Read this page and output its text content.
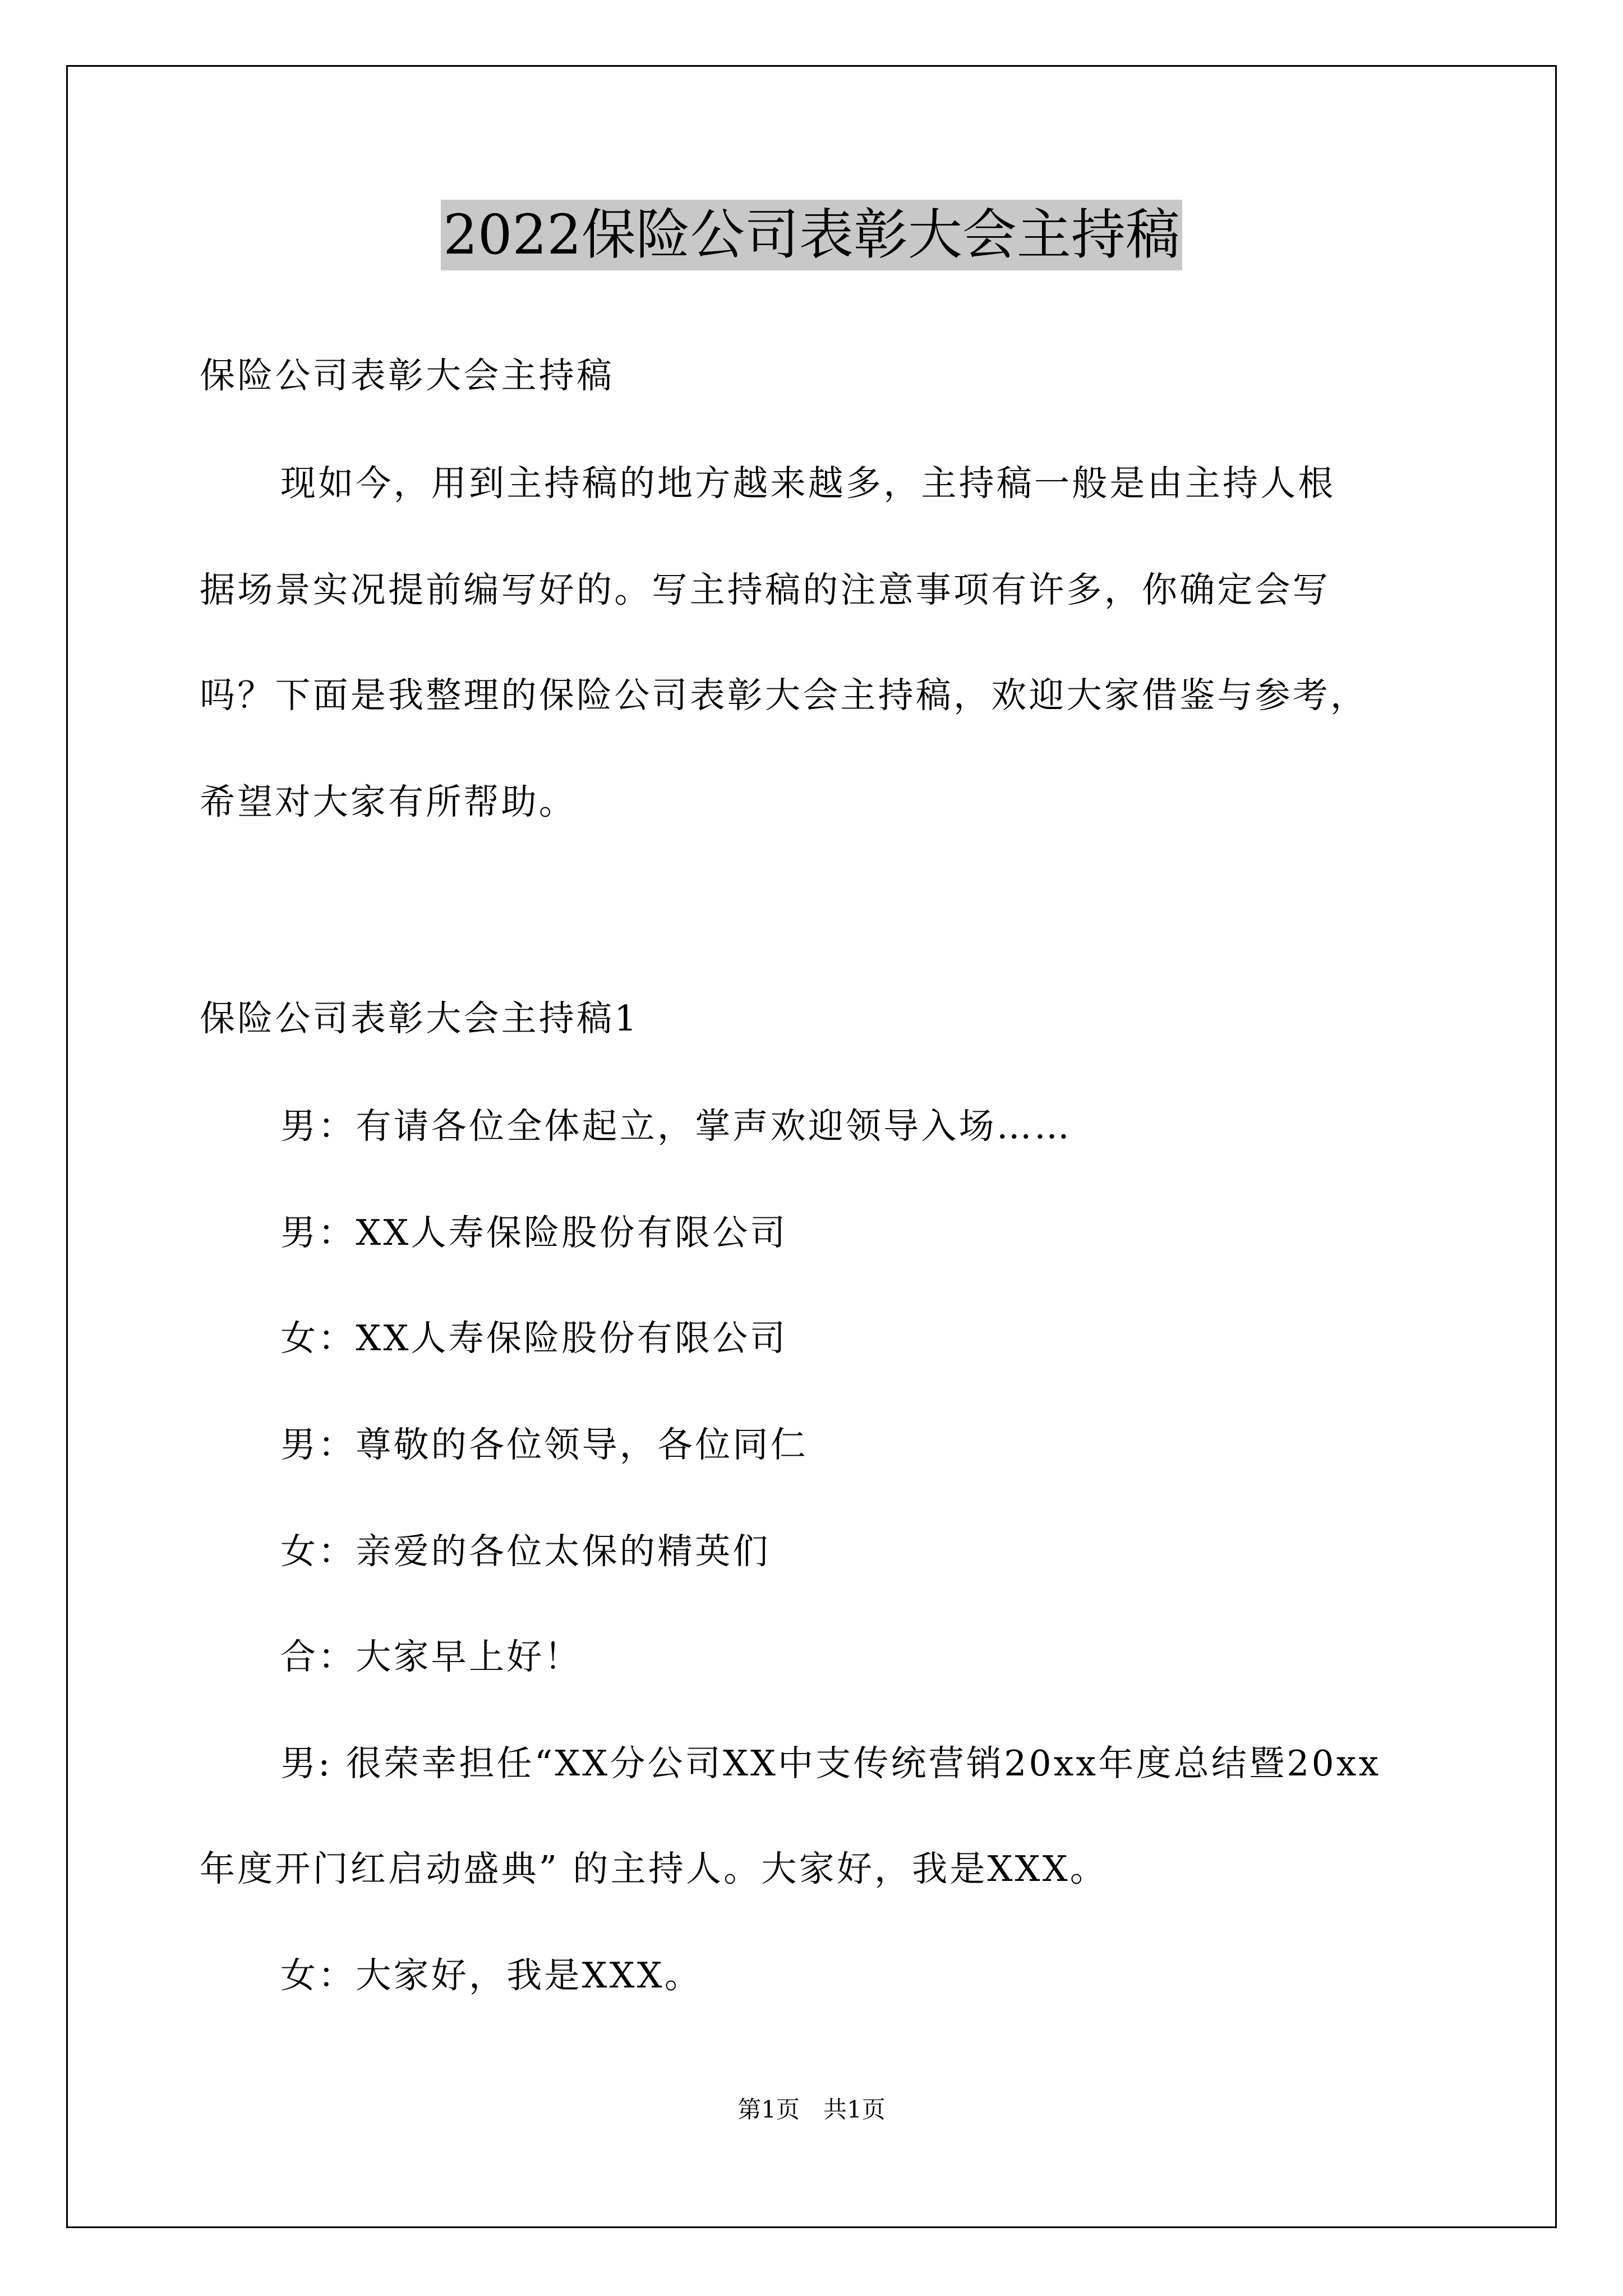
2022保险公司表彰大会主持稿
保险公司表彰大会主持稿
现如今，用到主持稿的地方越来越多，主持稿一般是由主持人根
据场景实况提前编写好的。写主持稿的注意事项有许多，你确定会写
吗？下面是我整理的保险公司表彰大会主持稿，欢迎大家借鉴与参考，
希望对大家有所帮助。
保险公司表彰大会主持稿1
男：有请各位全体起立，掌声欢迎领导入场……
男：XX人寿保险股份有限公司
女：XX人寿保险股份有限公司
男：尊敬的各位领导，各位同仁
女：亲爱的各位太保的精英们
合：大家早上好！
男: 很荣幸担任“XX分公司XX中支传统营销20xx年度总结暨20xx
年度开门红启动盛典” 的主持人。大家好，我是XXX。
女：大家好，我是XXX。
第1页　共1页
